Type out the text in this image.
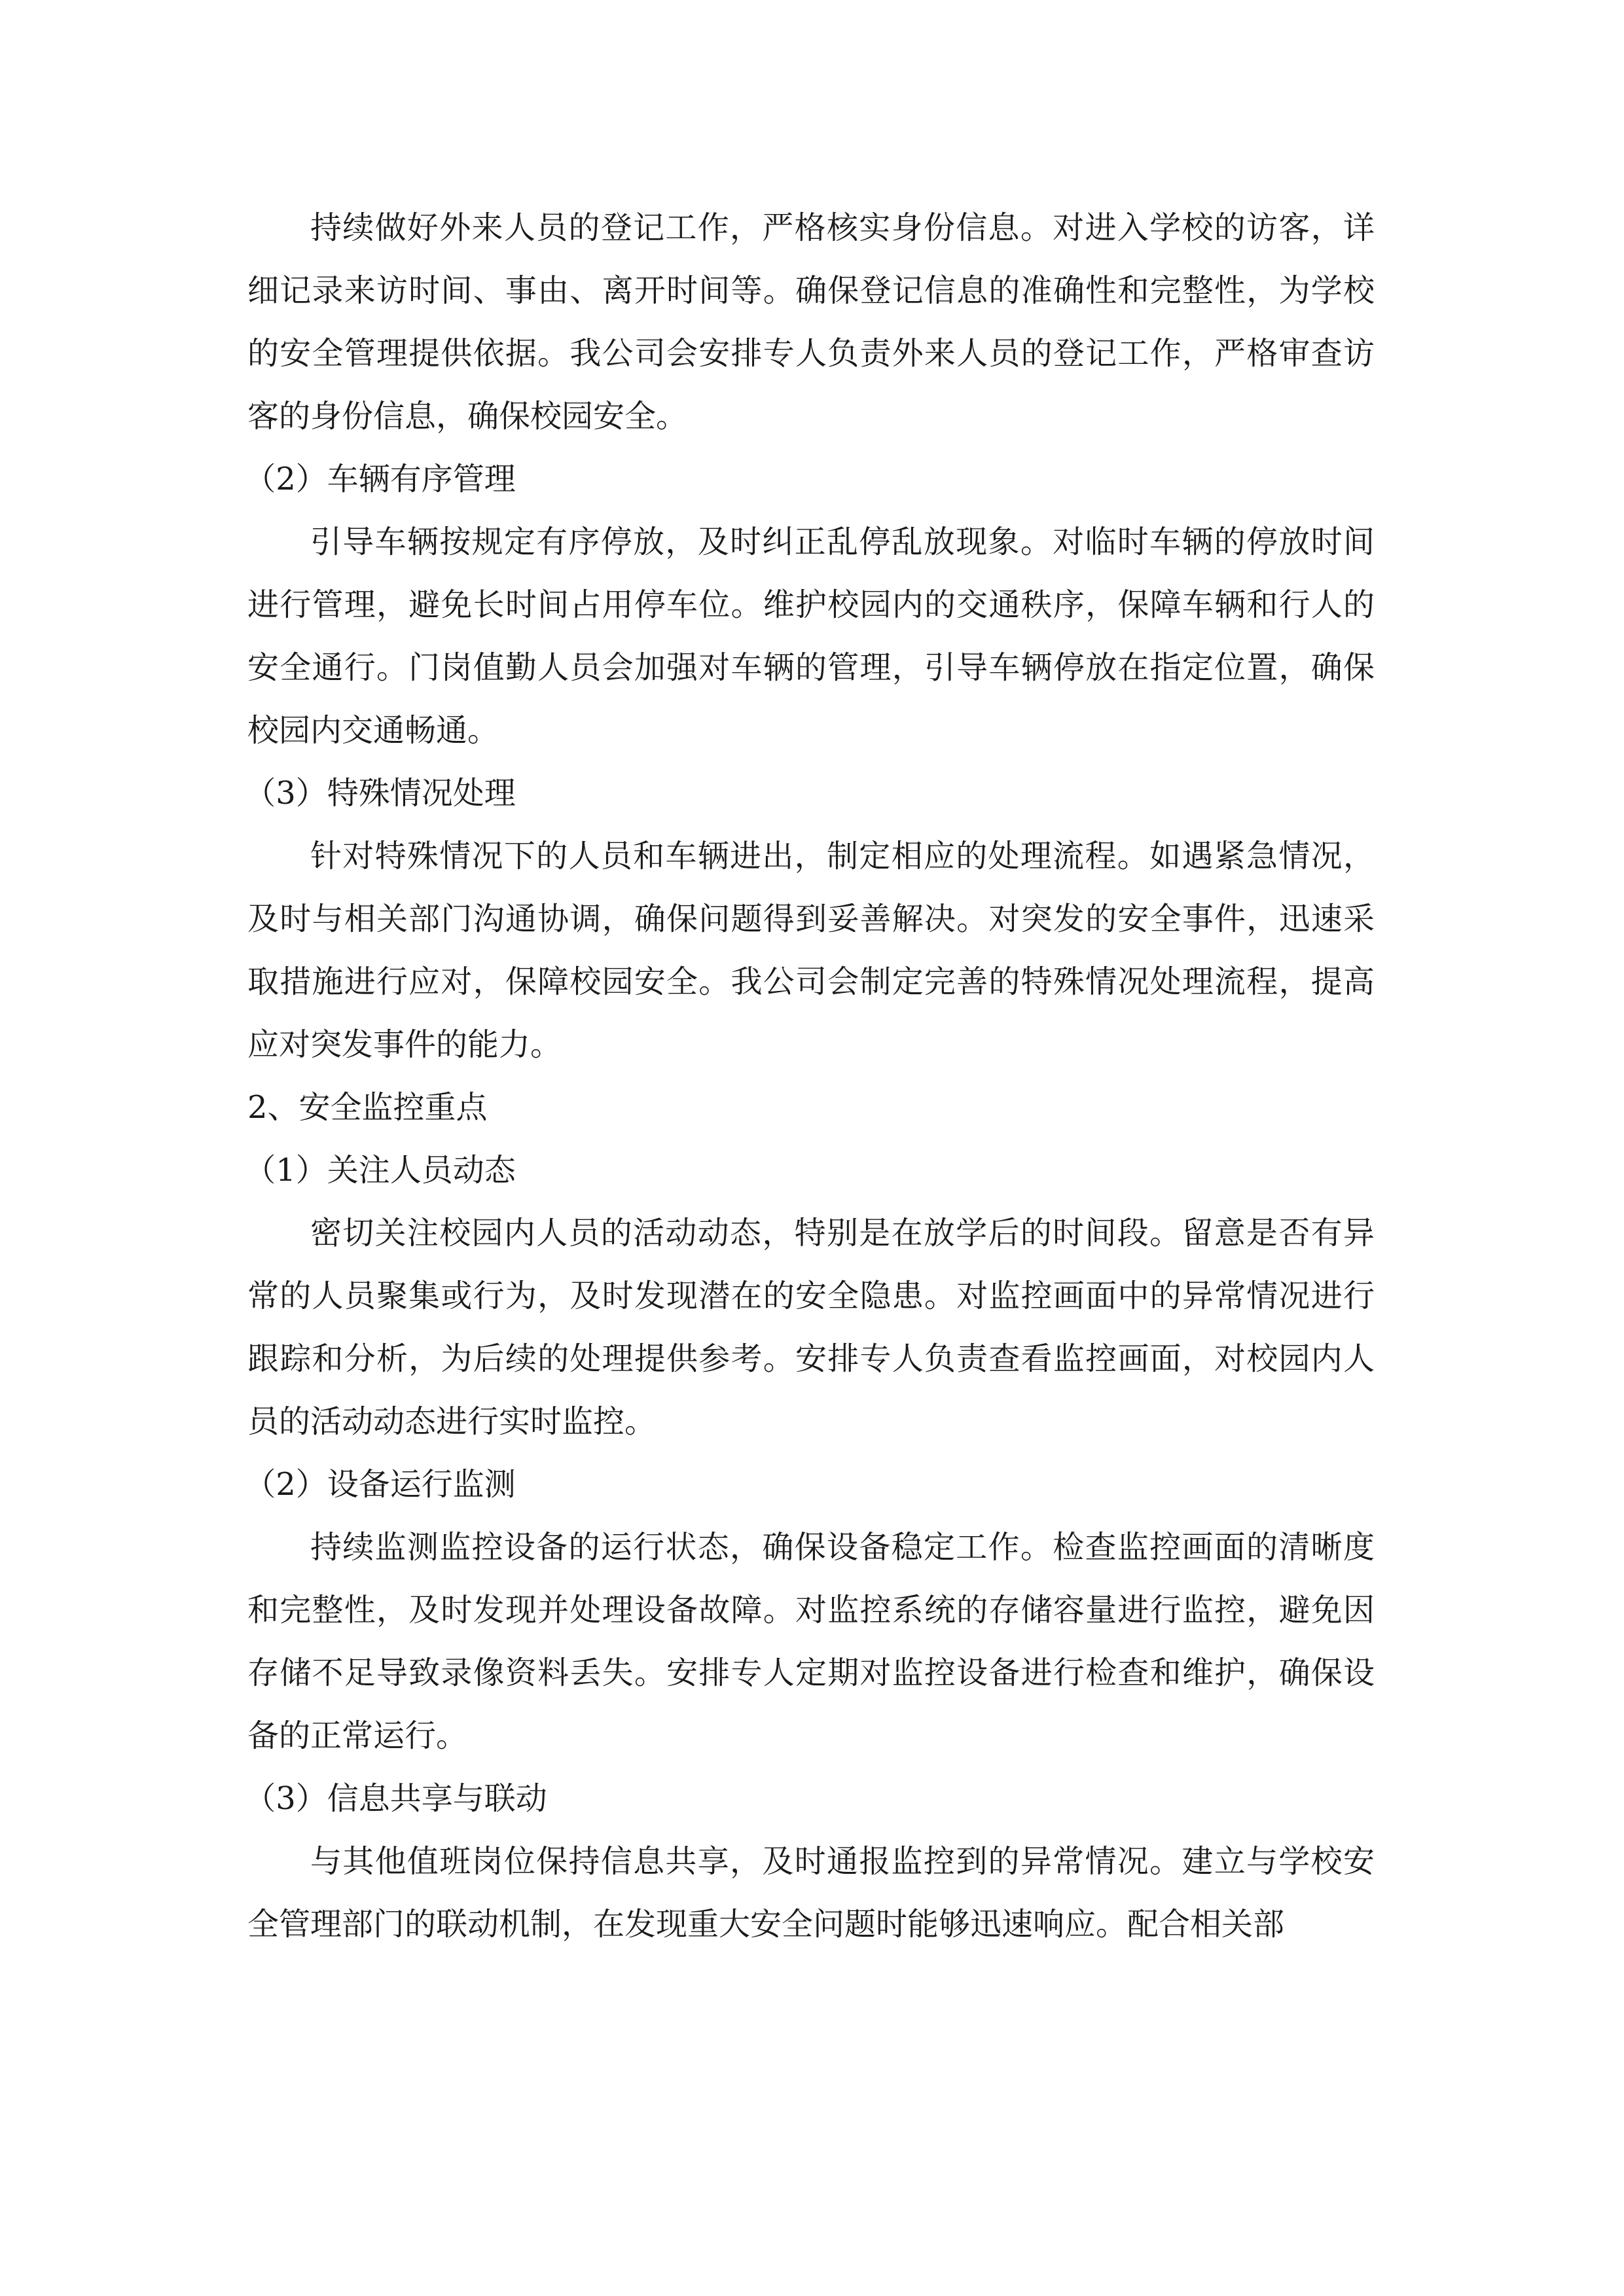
持续做好外来人员的登记工作，严格核实身份信息。对进入学校的访客，详细记录来访时间、事由、离开时间等。确保登记信息的准确性和完整性，为学校的安全管理提供依据。我公司会安排专人负责外来人员的登记工作，严格审查访客的身份信息，确保校园安全。

（2）车辆有序管理

引导车辆按规定有序停放，及时纠正乱停乱放现象。对临时车辆的停放时间进行管理，避免长时间占用停车位。维护校园内的交通秩序，保障车辆和行人的安全通行。门岗值勤人员会加强对车辆的管理，引导车辆停放在指定位置，确保校园内交通畅通。

（3）特殊情况处理

针对特殊情况下的人员和车辆进出，制定相应的处理流程。如遇紧急情况，及时与相关部门沟通协调，确保问题得到妥善解决。对突发的安全事件，迅速采取措施进行应对，保障校园安全。我公司会制定完善的特殊情况处理流程，提高应对突发事件的能力。

2、安全监控重点

（1）关注人员动态

密切关注校园内人员的活动动态，特别是在放学后的时间段。留意是否有异常的人员聚集或行为，及时发现潜在的安全隐患。对监控画面中的异常情况进行跟踪和分析，为后续的处理提供参考。安排专人负责查看监控画面，对校园内人员的活动动态进行实时监控。

（2）设备运行监测

持续监测监控设备的运行状态，确保设备稳定工作。检查监控画面的清晰度和完整性，及时发现并处理设备故障。对监控系统的存储容量进行监控，避免因存储不足导致录像资料丢失。安排专人定期对监控设备进行检查和维护，确保设备的正常运行。

（3）信息共享与联动

与其他值班岗位保持信息共享，及时通报监控到的异常情况。建立与学校安全管理部门的联动机制，在发现重大安全问题时能够迅速响应。配合相关部
